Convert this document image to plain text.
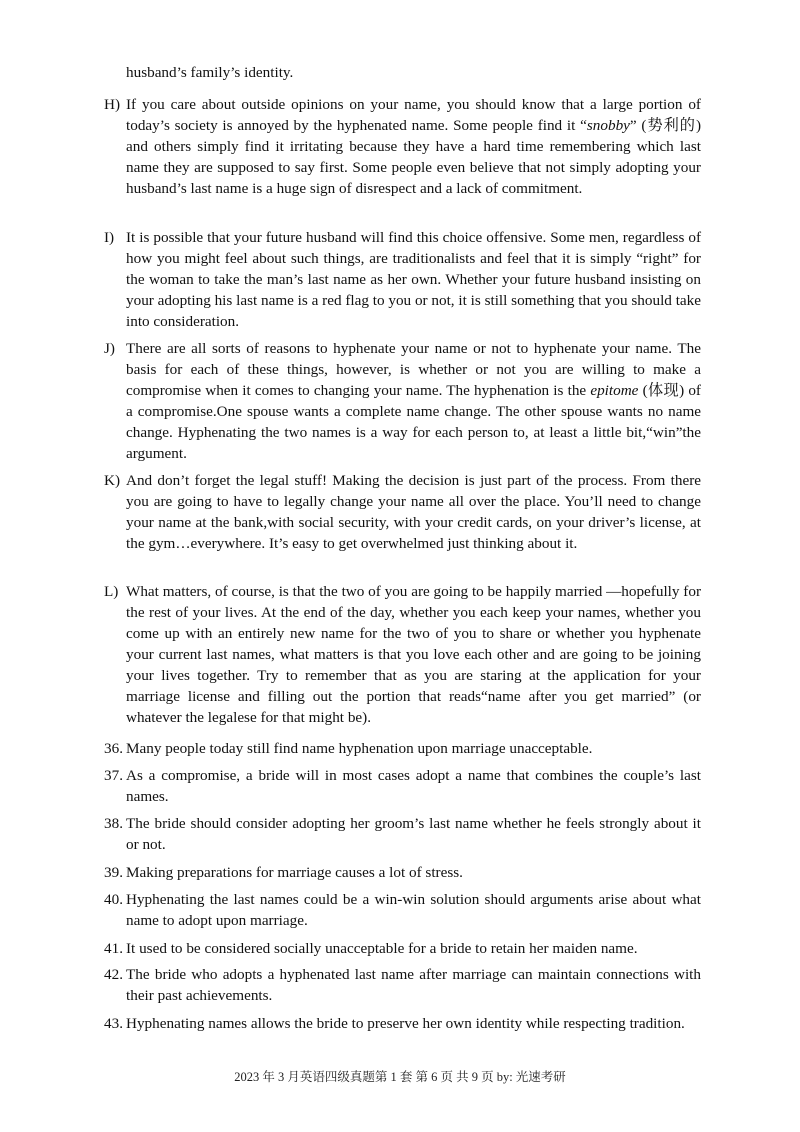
husband’s family’s identity.

H) If you care about outside opinions on your name, you should know that a large portion of today’s society is annoyed by the hyphenated name. Some people find it “snobby” (势利的) and others simply find it irritating because they have a hard time remembering which last name they are supposed to say first. Some people even believe that not simply adopting your husband’s last name is a huge sign of disrespect and a lack of commitment.
I) It is possible that your future husband will find this choice offensive. Some men, regardless of how you might feel about such things, are traditionalists and feel that it is simply “right” for the woman to take the man’s last name as her own. Whether your future husband insisting on your adopting his last name is a red flag to you or not, it is still something that you should take into consideration.
J) There are all sorts of reasons to hyphenate your name or not to hyphenate your name. The basis for each of these things, however, is whether or not you are willing to make a compromise when it comes to changing your name. The hyphenation is the epitome (体现) of a compromise.One spouse wants a complete name change. The other spouse wants no name change. Hyphenating the two names is a way for each person to, at least a little bit,“win”the argument.
K) And don’t forget the legal stuff! Making the decision is just part of the process. From there you are going to have to legally change your name all over the place. You’ll need to change your name at the bank,with social security, with your credit cards, on your driver’s license, at the gym…everywhere. It’s easy to get overwhelmed just thinking about it.
L) What matters, of course, is that the two of you are going to be happily married —hopefully for the rest of your lives. At the end of the day, whether you each keep your names, whether you come up with an entirely new name for the two of you to share or whether you hyphenate your current last names, what matters is that you love each other and are going to be joining your lives together. Try to remember that as you are staring at the application for your marriage license and filling out the portion that reads“name after you get married” (or whatever the legalese for that might be).
36. Many people today still find name hyphenation upon marriage unacceptable.
37. As a compromise, a bride will in most cases adopt a name that combines the couple’s last names.
38. The bride should consider adopting her groom’s last name whether he feels strongly about it or not.
39. Making preparations for marriage causes a lot of stress.
40. Hyphenating the last names could be a win-win solution should arguments arise about what name to adopt upon marriage.
41. It used to be considered socially unacceptable for a bride to retain her maiden name.
42. The bride who adopts a hyphenated last name after marriage can maintain connections with their past achievements.
43. Hyphenating names allows the bride to preserve her own identity while respecting tradition.
2023 年 3 月英语四级真题第 1 套 第 6 页 共 9 页 by: 光速考研
